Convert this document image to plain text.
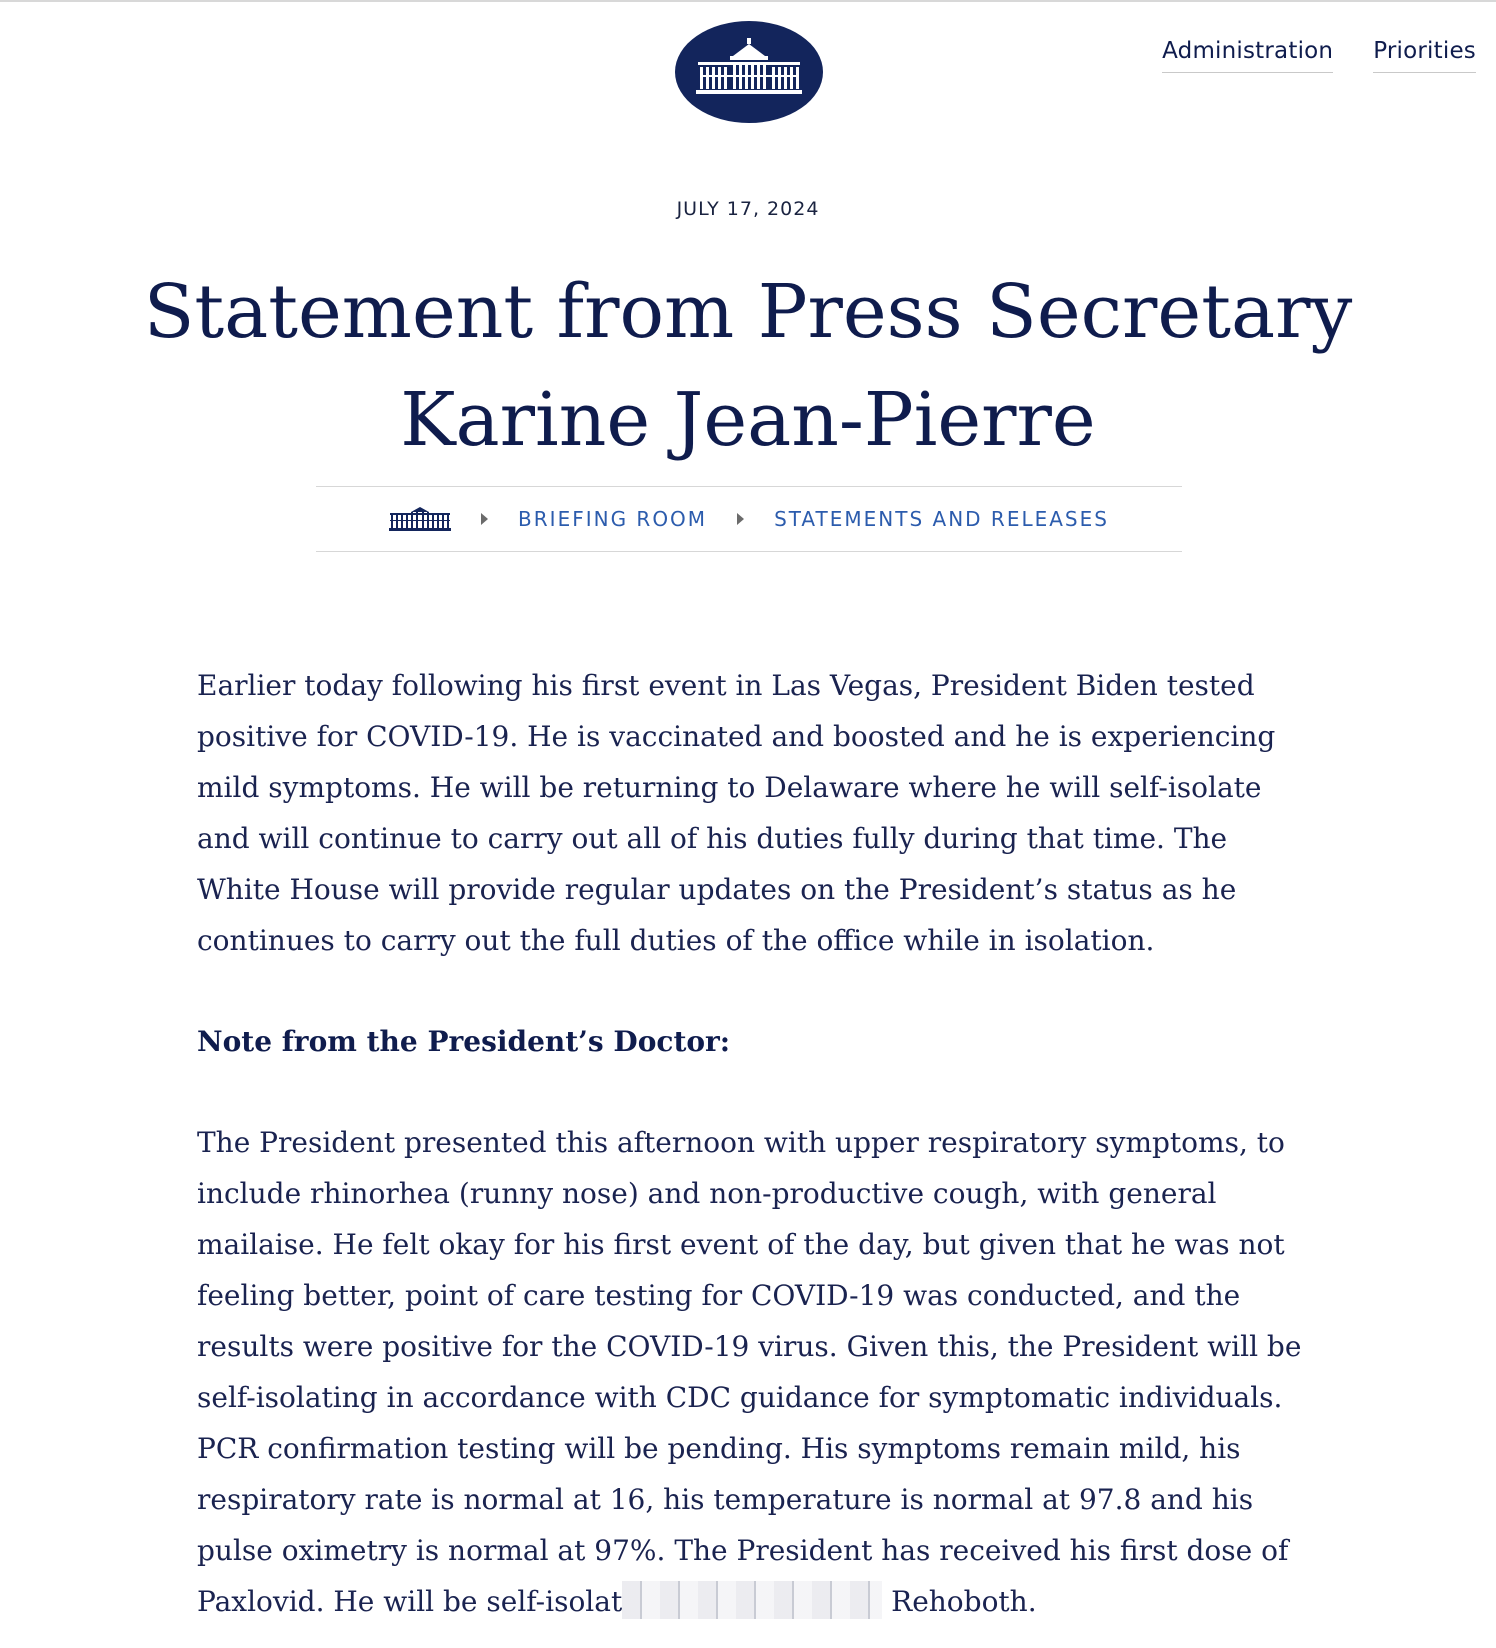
Administration Priorities
JULY 17, 2024
Statement from Press Secretary
Karine Jean-Pierre
BRIEFING ROOM	STATEMENTS AND RELEASES

Earlier today following his first event in Las Vegas, President Biden tested positive for COVID-19. He is vaccinated and boosted and he is experiencing mild symptoms. He will be returning to Delaware where he will self-isolate and will continue to carry out all of his duties fully during that time. The White House will provide regular updates on the President’s status as he continues to carry out the full duties of the office while in isolation.

Note from the President’s Doctor:

The President presented this afternoon with upper respiratory symptoms, to include rhinorhea (runny nose) and non-productive cough, with general mailaise. He felt okay for his first event of the day, but given that he was not feeling better, point of care testing for COVID-19 was conducted, and the results were positive for the COVID-19 virus. Given this, the President will be self-isolating in accordance with CDC guidance for symptomatic individuals. PCR confirmation testing will be pending. His symptoms remain mild, his respiratory rate is normal at 16, his temperature is normal at 97.8 and his pulse oximetry is normal at 97%. The President has received his first dose of Paxlovid. He will be self-isolat	Rehoboth.
